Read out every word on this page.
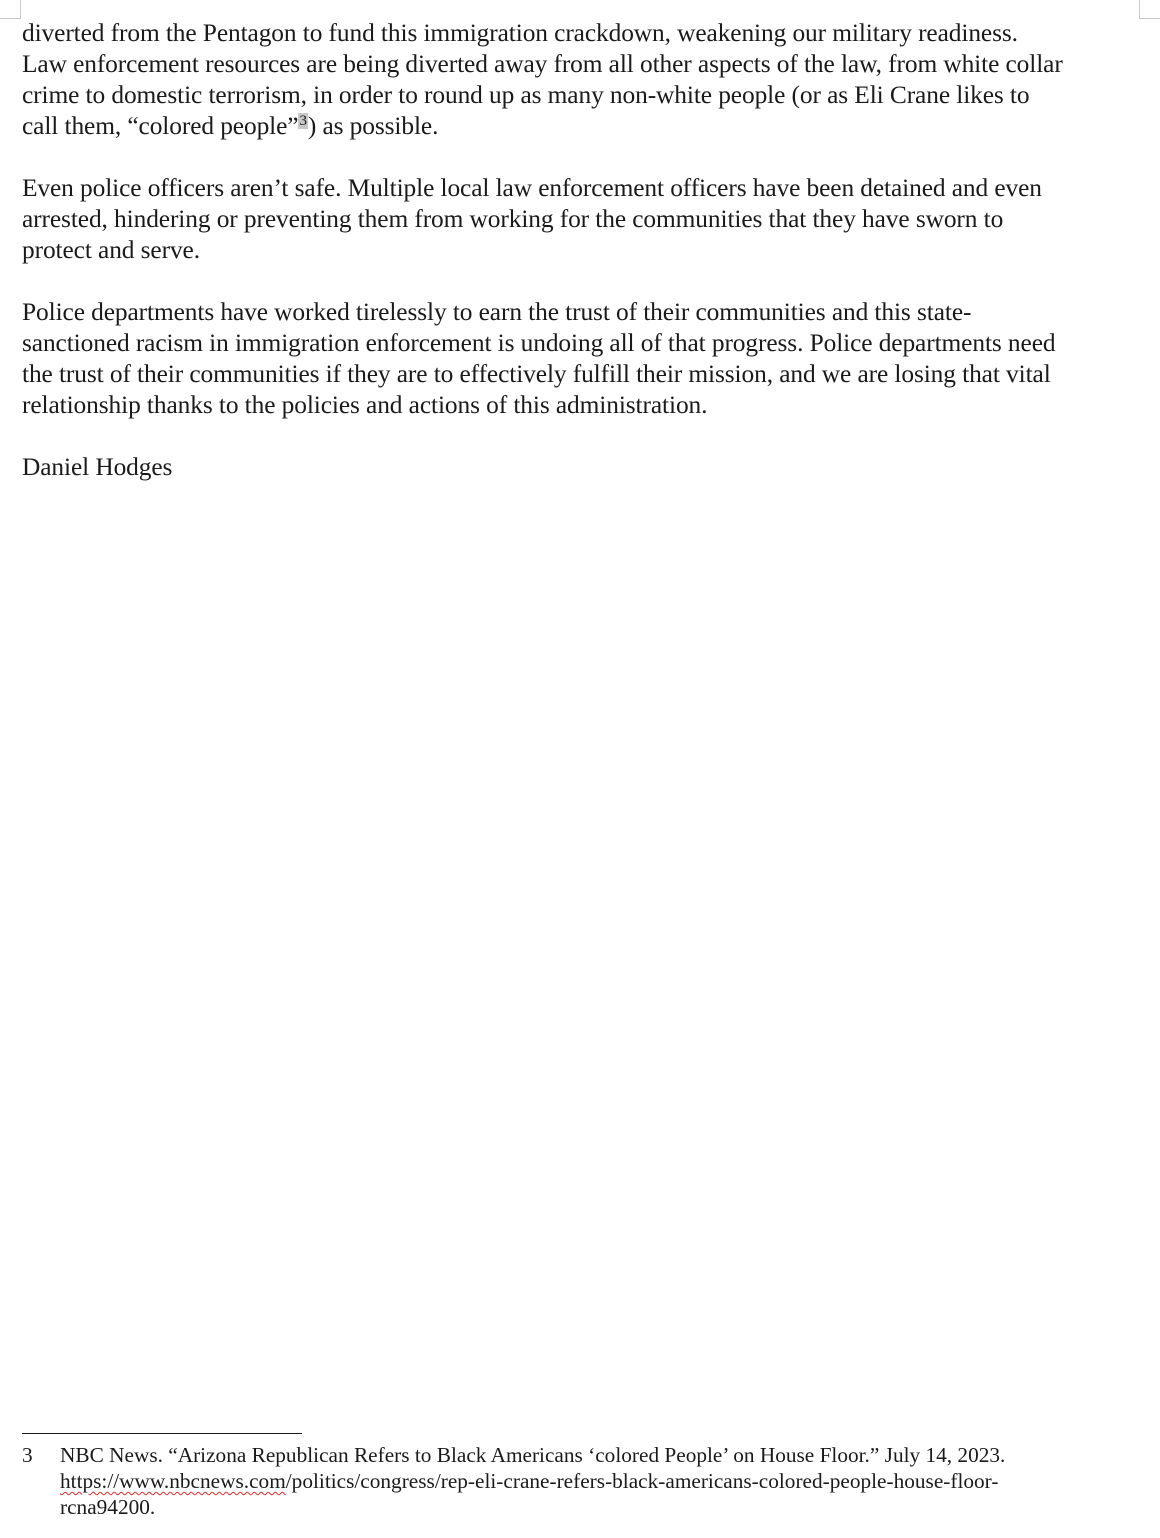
diverted from the Pentagon to fund this immigration crackdown, weakening our military readiness.
Law enforcement resources are being diverted away from all other aspects of the law, from white collar
crime to domestic terrorism, in order to round up as many non-white people (or as Eli Crane likes to
call them, “colored people”$^3$) as possible.

Even police officers aren’t safe. Multiple local law enforcement officers have been detained and even
arrested, hindering or preventing them from working for the communities that they have sworn to
protect and serve.

Police departments have worked tirelessly to earn the trust of their communities and this state-
sanctioned racism in immigration enforcement is undoing all of that progress. Police departments need
the trust of their communities if they are to effectively fulfill their mission, and we are losing that vital
relationship thanks to the policies and actions of this administration.

Daniel Hodges

3 NBC News. “Arizona Republican Refers to Black Americans ‘colored People’ on House Floor.” July 14, 2023.
https://www.nbcnews.com/politics/congress/rep-eli-crane-refers-black-americans-colored-people-house-floor-
rcna94200.
